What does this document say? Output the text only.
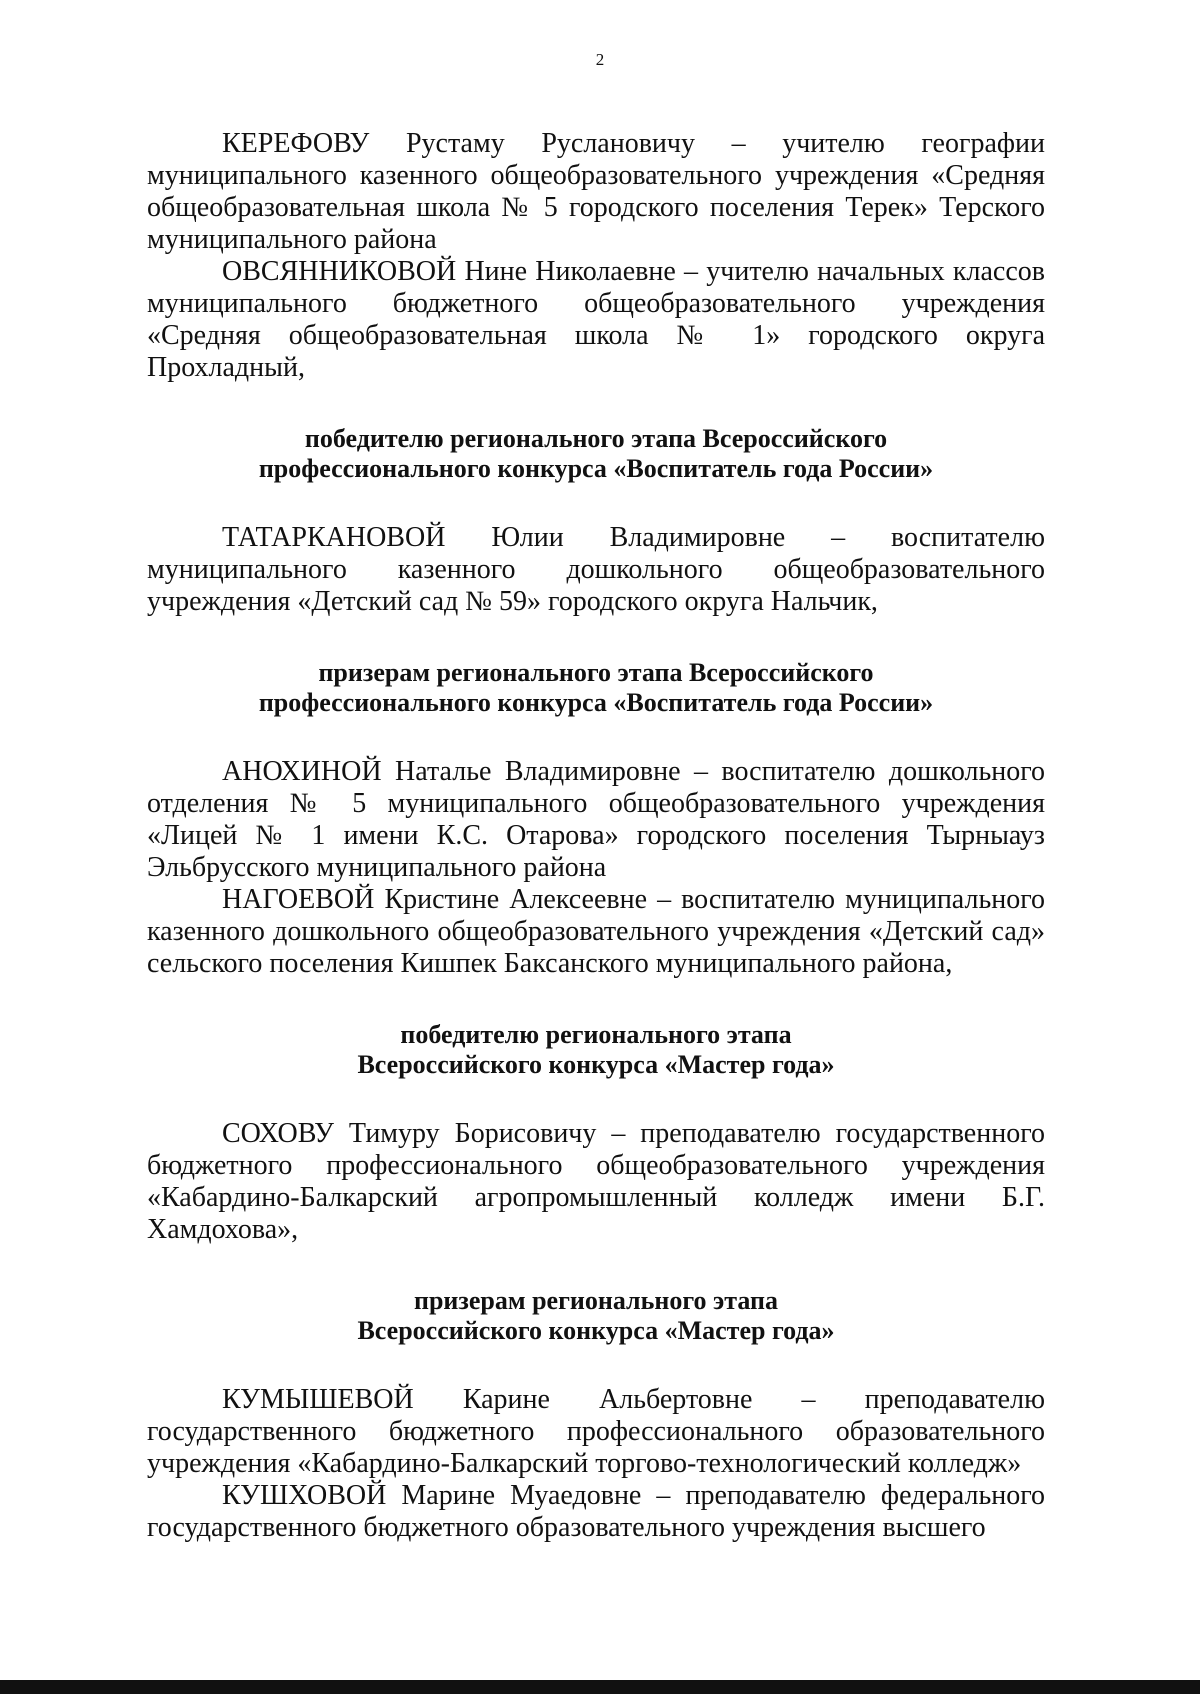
2

КЕРЕФОВУ Рустаму Руслановичу – учителю географии муниципального казенного общеобразовательного учреждения «Средняя общеобразовательная школа № 5 городского поселения Терек» Терского муниципального района

ОВСЯННИКОВОЙ Нине Николаевне – учителю начальных классов муниципального бюджетного общеобразовательного учреждения «Средняя общеобразовательная школа № 1» городского округа Прохладный,

победителю регионального этапа Всероссийского
профессионального конкурса «Воспитатель года России»

ТАТАРКАНОВОЙ Юлии Владимировне – воспитателю муниципального казенного дошкольного общеобразовательного учреждения «Детский сад № 59» городского округа Нальчик,

призерам регионального этапа Всероссийского
профессионального конкурса «Воспитатель года России»

АНОХИНОЙ Наталье Владимировне – воспитателю дошкольного отделения № 5 муниципального общеобразовательного учреждения «Лицей № 1 имени К.С. Отарова» городского поселения Тырныауз Эльбрусского муниципального района

НАГОЕВОЙ Кристине Алексеевне – воспитателю муниципального казенного дошкольного общеобразовательного учреждения «Детский сад» сельского поселения Кишпек Баксанского муниципального района,

победителю регионального этапа
Всероссийского конкурса «Мастер года»

СОХОВУ Тимуру Борисовичу – преподавателю государственного бюджетного профессионального общеобразовательного учреждения «Кабардино-Балкарский агропромышленный колледж имени Б.Г. Хамдохова»,

призерам регионального этапа
Всероссийского конкурса «Мастер года»

КУМЫШЕВОЙ Карине Альбертовне – преподавателю государственного бюджетного профессионального образовательного учреждения «Кабардино-Балкарский торгово-технологический колледж»

КУШХОВОЙ Марине Муаедовне – преподавателю федерального государственного бюджетного образовательного учреждения высшего
